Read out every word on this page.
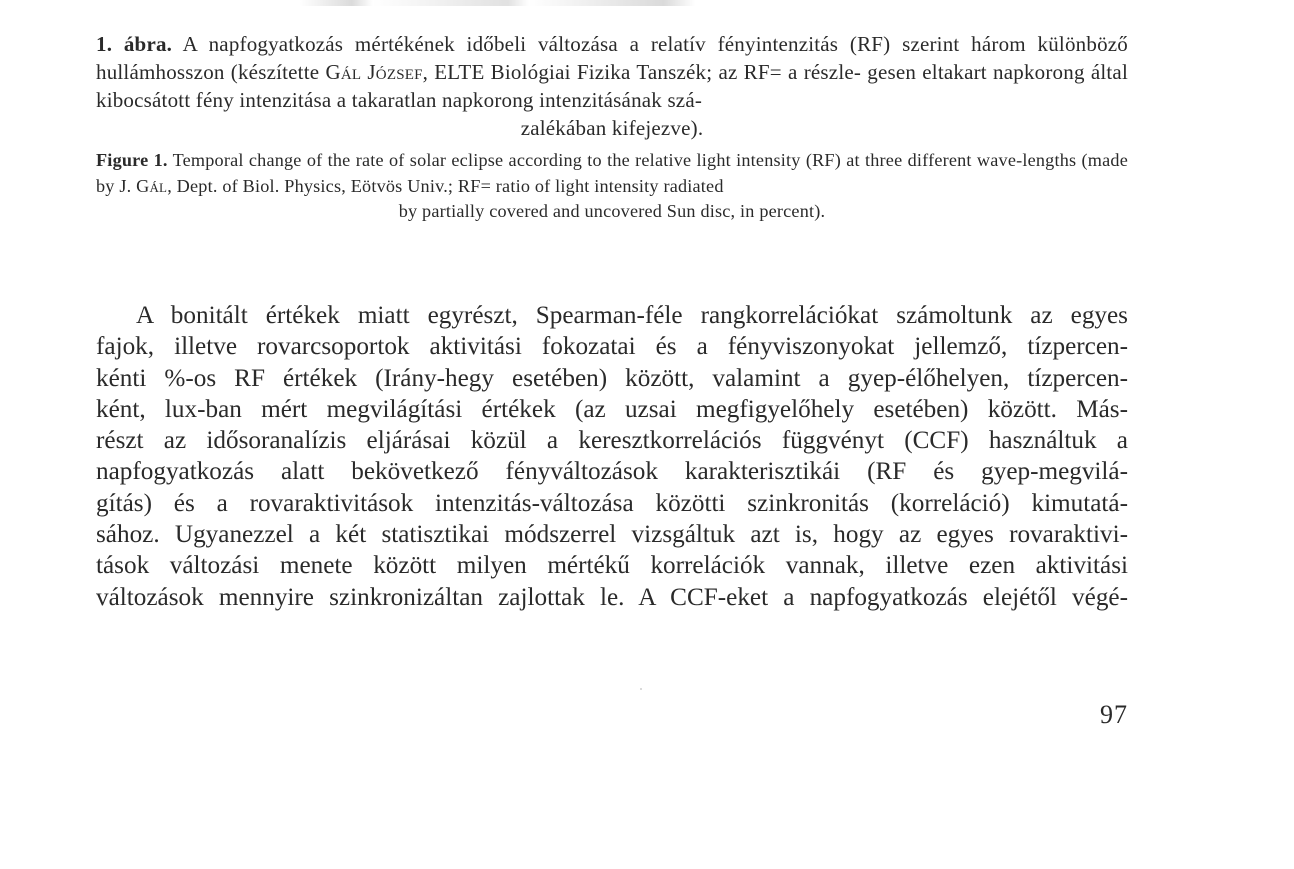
1. ábra. A napfogyatkozás mértékének időbeli változása a relatív fényintenzitás (RF) szerint három különböző hullámhosszon (készítette Gál József, ELTE Biológiai Fizika Tanszék; az RF= a részle- gesen eltakart napkorong által kibocsátott fény intenzitása a takaratlan napkorong intenzitásának szá-
zalékában kifejezve).

Figure 1. Temporal change of the rate of solar eclipse according to the relative light intensity (RF) at three different wave-lengths (made by J. Gál, Dept. of Biol. Physics, Eötvös Univ.; RF= ratio of light intensity radiated
by partially covered and uncovered Sun disc, in percent).

A bonitált értékek miatt egyrészt, Spearman-féle rangkorrelációkat számoltunk az egyes
fajok, illetve rovarcsoportok aktivitási fokozatai és a fényviszonyokat jellemző, tízpercen-
kénti %-os RF értékek (Irány-hegy esetében) között, valamint a gyep-élőhelyen, tízpercen-
ként, lux-ban mért megvilágítási értékek (az uzsai megfigyelőhely esetében) között. Más-
részt az idősoranalízis eljárásai közül a keresztkorrelációs függvényt (CCF) használtuk a
napfogyatkozás alatt bekövetkező fényváltozások karakterisztikái (RF és gyep-megvilá-
gítás) és a rovaraktivitások intenzitás-változása közötti szinkronitás (korreláció) kimutatá-
sához. Ugyanezzel a két statisztikai módszerrel vizsgáltuk azt is, hogy az egyes rovaraktivi-
tások változási menete között milyen mértékű korrelációk vannak, illetve ezen aktivitási
változások mennyire szinkronizáltan zajlottak le. A CCF-eket a napfogyatkozás elejétől végé-
97
